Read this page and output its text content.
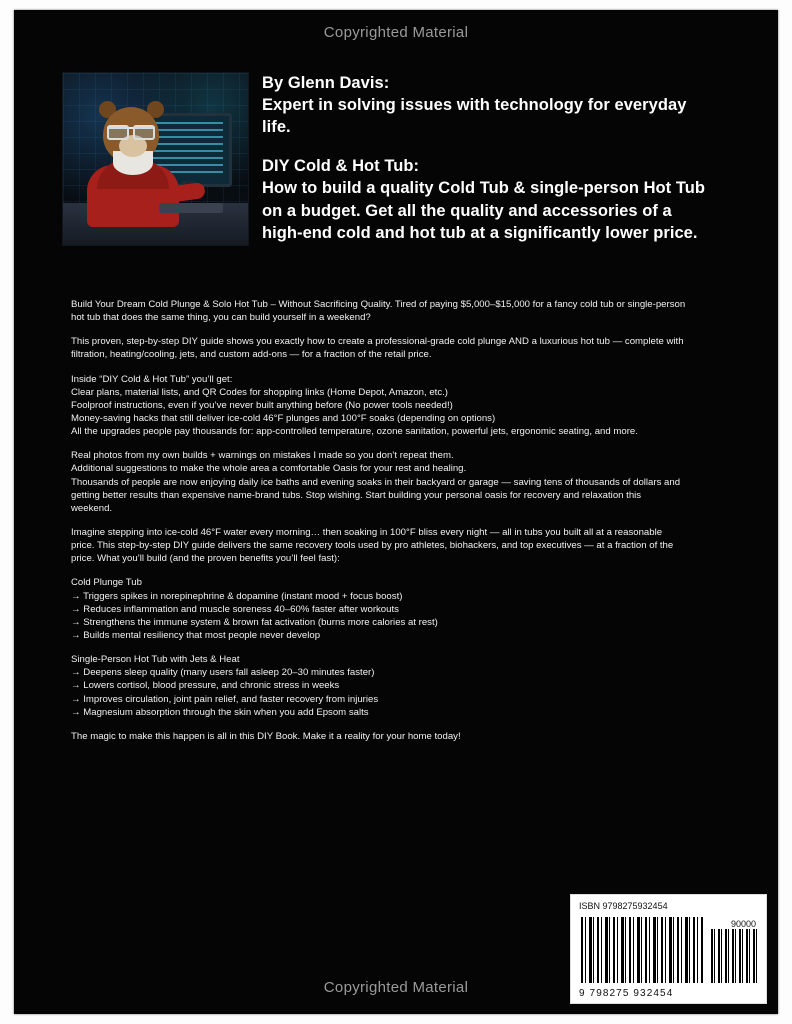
Copyrighted Material

By Glenn Davis:

Expert in solving issues with technology for everyday

life.

DIY Cold & Hot Tub:

How to build a quality Cold Tub & single-person Hot Tub

on a budget. Get all the quality and accessories of a

high-end cold and hot tub at a significantly lower price.

Build Your Dream Cold Plunge & Solo Hot Tub – Without Sacrificing Quality. Tired of paying $5,000–$15,000 for a fancy cold tub or single-person
hot tub that does the same thing, you can build yourself in a weekend?
This proven, step-by-step DIY guide shows you exactly how to create a professional-grade cold plunge AND a luxurious hot tub — complete with
filtration, heating/cooling, jets, and custom add-ons — for a fraction of the retail price.
Inside “DIY Cold & Hot Tub” you’ll get:
Clear plans, material lists, and QR Codes for shopping links (Home Depot, Amazon, etc.)
Foolproof instructions, even if you’ve never built anything before (No power tools needed!)
Money-saving hacks that still deliver ice-cold 46°F plunges and 100°F soaks (depending on options)
All the upgrades people pay thousands for: app-controlled temperature, ozone sanitation, powerful jets, ergonomic seating, and more.
Real photos from my own builds + warnings on mistakes I made so you don’t repeat them.
Additional suggestions to make the whole area a comfortable Oasis for your rest and healing.
Thousands of people are now enjoying daily ice baths and evening soaks in their backyard or garage — saving tens of thousands of dollars and
getting better results than expensive name-brand tubs. Stop wishing. Start building your personal oasis for recovery and relaxation this
weekend.
Imagine stepping into ice-cold 46°F water every morning… then soaking in 100°F bliss every night — all in tubs you built all at a reasonable
price. This step-by-step DIY guide delivers the same recovery tools used by pro athletes, biohackers, and top executives — at a fraction of the
price. What you’ll build (and the proven benefits you’ll feel fast):
Cold Plunge Tub
→ Triggers spikes in norepinephrine & dopamine (instant mood + focus boost)
→ Reduces inflammation and muscle soreness 40–60% faster after workouts
→ Strengthens the immune system & brown fat activation (burns more calories at rest)
→ Builds mental resiliency that most people never develop
Single-Person Hot Tub with Jets & Heat
→ Deepens sleep quality (many users fall asleep 20–30 minutes faster)
→ Lowers cortisol, blood pressure, and chronic stress in weeks
→ Improves circulation, joint pain relief, and faster recovery from injuries
→ Magnesium absorption through the skin when you add Epsom salts
The magic to make this happen is all in this DIY Book. Make it a reality for your home today!
ISBN 9798275932454
90000
9 798275 932454
Copyrighted Material
